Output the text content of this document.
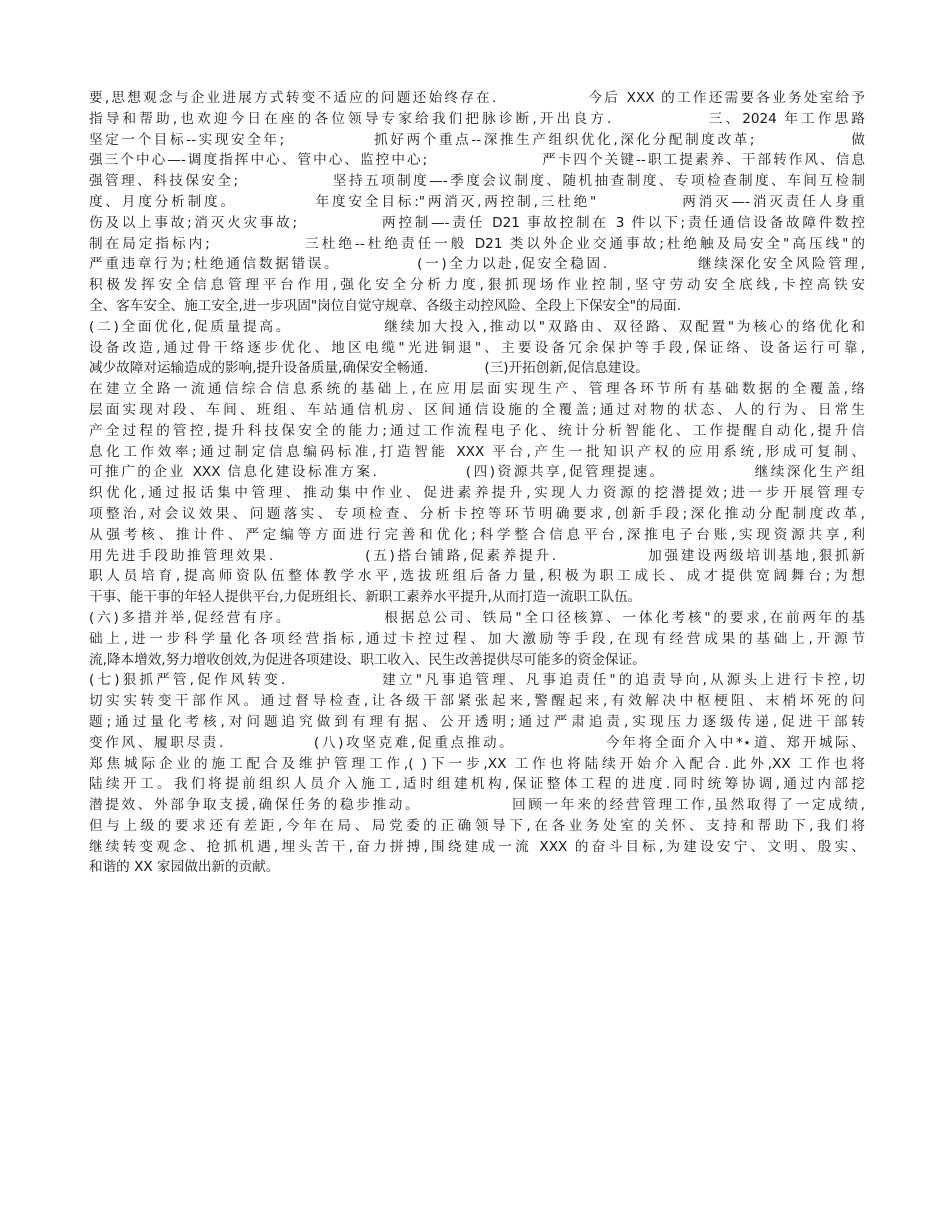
要,思想观念与企业进展方式转变不适应的问题还始终存在.              今后 XXX 的工作还需要各业务处室给予
指导和帮助,也欢迎今日在座的各位领导专家给我们把脉诊断,开出良方.             三、2024 年工作思路
坚定一个目标--实现安全年;             抓好两个重点--深推生产组织优化,深化分配制度改革;              做
强三个中心—-调度指挥中心、管中心、监控中心;                  严卡四个关键--职工提素养、干部转作风、信息
强管理、科技保安全;              坚持五项制度—-季度会议制度、随机抽查制度、专项检查制度、车间互检制
度、月度分析制度。           年度安全目标:"两消灭,两控制,三杜绝"            两消灭—-消灭责任人身重
伤及以上事故;消灭火灾事故;            两控制—-责任 D21 事故控制在 3 件以下;责任通信设备故障件数控
制在局定指标内;             三杜绝--杜绝责任一般 D21 类以外企业交通事故;杜绝触及局安全"高压线"的
严重违章行为;杜绝通信数据错误。           (一)全力以赴,促安全稳固.             继续深化安全风险管理,
积极发挥安全信息管理平台作用,强化安全分析力度,狠抓现场作业控制,坚守劳动安全底线,卡控高铁安
全、客车安全、施工安全,进一步巩固"岗位自觉守规章、各级主动控风险、全段上下保安全"的局面.
(二)全面优化,促质量提高。             继续加大投入,推动以"双路由、双径路、双配置"为核心的络优化和
设备改造,通过骨干络逐步优化、地区电缆"光进铜退"、主要设备冗余保护等手段,保证络、设备运行可靠,
减少故障对运输造成的影响,提升设备质量,确保安全畅通.             (三)开拓创新,促信息建设。
在建立全路一流通信综合信息系统的基础上,在应用层面实现生产、管理各环节所有基础数据的全覆盖,络
层面实现对段、车间、班组、车站通信机房、区间通信设施的全覆盖;通过对物的状态、人的行为、日常生
产全过程的管控,提升科技保安全的能力;通过工作流程电子化、统计分析智能化、工作提醒自动化,提升信
息化工作效率;通过制定信息编码标准,打造智能 XXX 平台,产生一批知识产权的应用系统,形成可复制、
可推广的企业 XXX 信息化建设标准方案.             (四)资源共享,促管理提速。             继续深化生产组
织优化,通过报话集中管理、推动集中作业、促进素养提升,实现人力资源的挖潜提效;进一步开展管理专
项整治,对会议效果、问题落实、专项检查、分析卡控等环节明确要求,创新手段;深化推动分配制度改革,
从强考核、推计件、严定编等方面进行完善和优化;科学整合信息平台,深推电子台账,实现资源共享,利
用先进手段助推管理效果.             (五)搭台铺路,促素养提升.             加强建设两级培训基地,狠抓新
职人员培育,提高师资队伍整体教学水平,选拔班组后备力量,积极为职工成长、成才提供宽阔舞台;为想
干事、能干事的年轻人提供平台,力促班组长、新职工素养水平提升,从而打造一流职工队伍。
(六)多措并举,促经营有序。             根据总公司、铁局"全口径核算、一体化考核"的要求,在前两年的基
础上,进一步科学量化各项经营指标,通过卡控过程、加大激励等手段,在现有经营成果的基础上,开源节
流,降本增效,努力增收创效,为促进各项建设、职工收入、民生改善提供尽可能多的资金保证。
(七)狠抓严管,促作风转变.             建立"凡事追管理、凡事追责任"的追责导向,从源头上进行卡控,切
切实实转变干部作风。通过督导检查,让各级干部紧张起来,警醒起来,有效解决中枢梗阻、末梢坏死的问
题;通过量化考核,对问题追究做到有理有据、公开透明;通过严肃追责,实现压力逐级传递,促进干部转
变作风、履职尽责.             (八)攻坚克难,促重点推动。             今年将全面介入中*⋆道、郑开城际、
郑焦城际企业的施工配合及维护管理工作,( )下一步,XX 工作也将陆续开始介入配合.此外,XX 工作也将
陆续开工。我们将提前组织人员介入施工,适时组建机构,保证整体工程的进度.同时统筹协调,通过内部挖
潜提效、外部争取支援,确保任务的稳步推动。             回顾一年来的经营管理工作,虽然取得了一定成绩,
但与上级的要求还有差距,今年在局、局党委的正确领导下,在各业务处室的关怀、支持和帮助下,我们将
继续转变观念、抢抓机遇,埋头苦干,奋力拼搏,围绕建成一流 XXX 的奋斗目标,为建设安宁、文明、殷实、
和谐的 XX 家园做出新的贡献。
